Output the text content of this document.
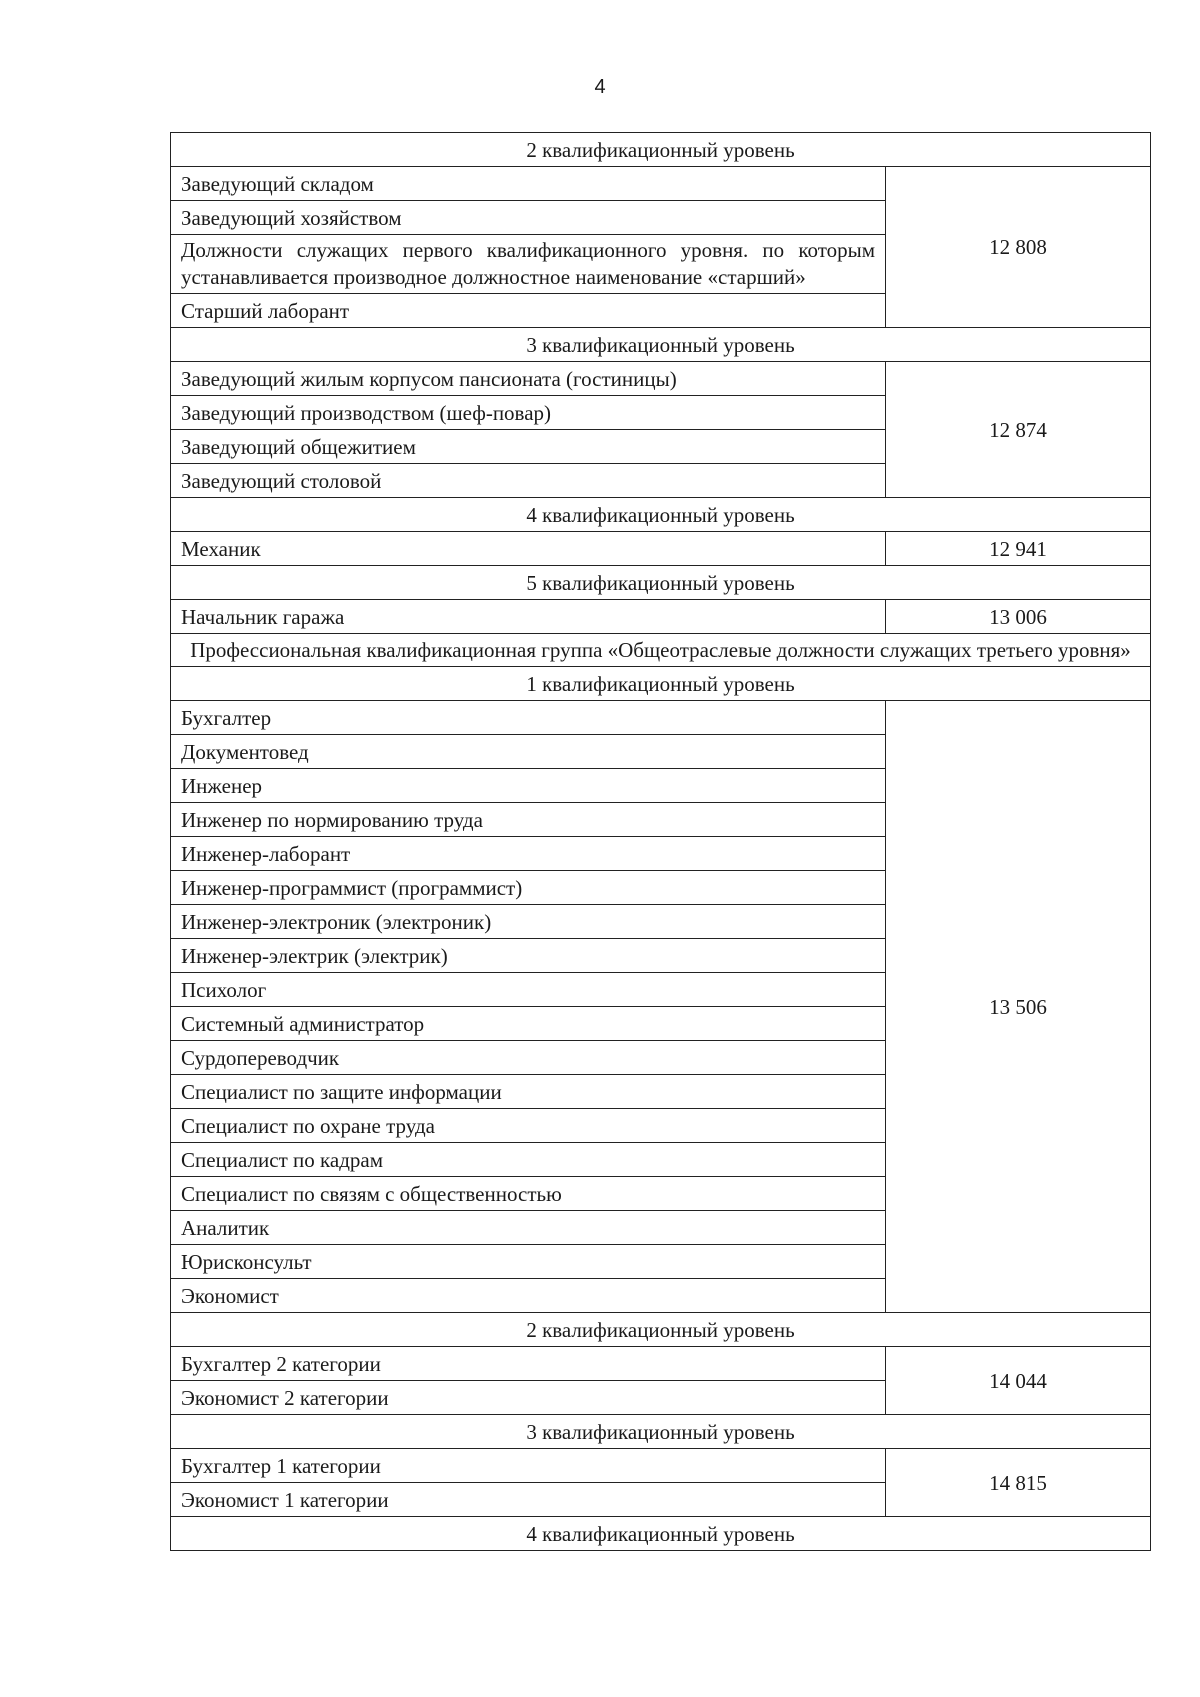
4
2 квалификационный уровень	
Заведующий складом	12 808
Заведующий хозяйством	
Должности служащих первого квалификационного уровня. по которым устанавливается производное должностное наименование «старший»	
Старший лаборант	
3 квалификационный уровень	
Заведующий жилым корпусом пансионата (гостиницы)	12 874
Заведующий производством (шеф-повар)	
Заведующий общежитием	
Заведующий столовой	
4 квалификационный уровень	
Механик	12 941
5 квалификационный уровень	
Начальник гаража	13 006
Профессиональная квалификационная группа «Общеотраслевые должности служащих третьего уровня»	
1 квалификационный уровень	
Бухгалтер	13 506
Документовед	
Инженер	
Инженер по нормированию труда	
Инженер-лаборант	
Инженер-программист (программист)	
Инженер-электроник (электроник)	
Инженер-электрик (электрик)	
Психолог	
Системный администратор	
Сурдопереводчик	
Специалист по защите информации	
Специалист по охране труда	
Специалист по кадрам	
Специалист по связям с общественностью	
Аналитик	
Юрисконсульт	
Экономист	
2 квалификационный уровень	
Бухгалтер 2 категории	14 044
Экономист 2 категории	
3 квалификационный уровень	
Бухгалтер 1 категории	14 815
Экономист 1 категории	
4 квалификационный уровень	
